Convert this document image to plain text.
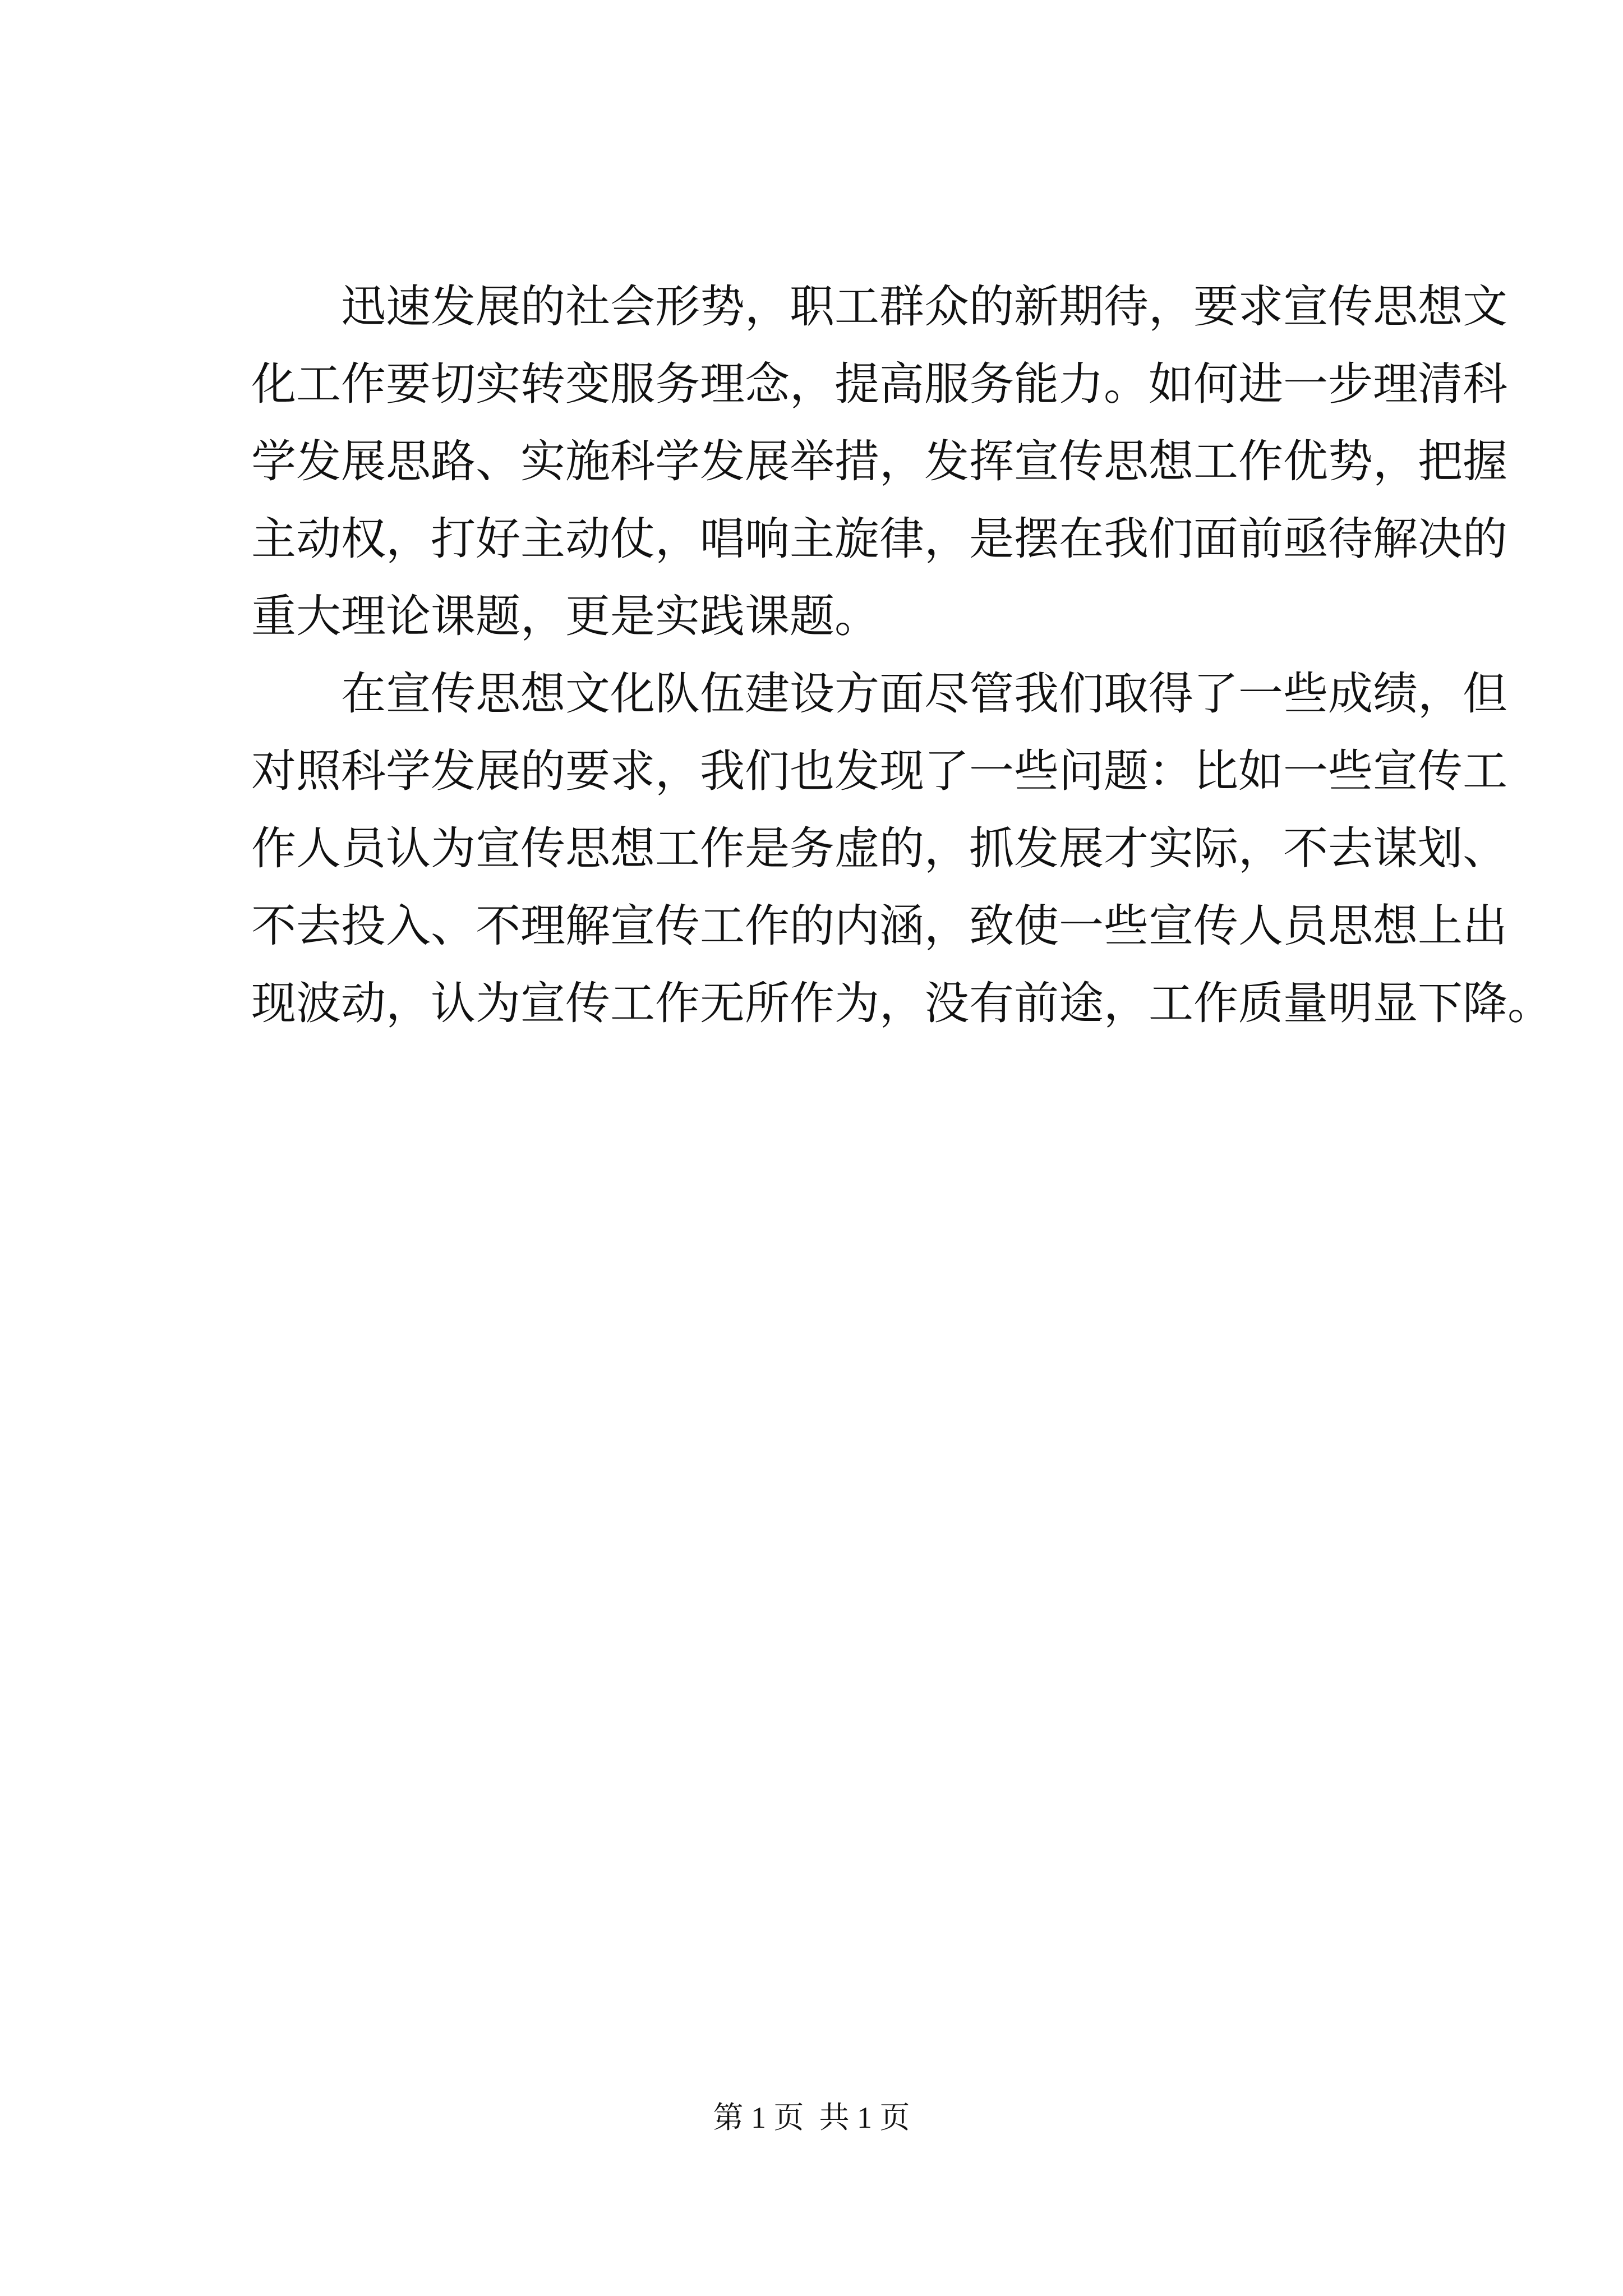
迅速发展的社会形势，职工群众的新期待，要求宣传思想文
化工作要切实转变服务理念，提高服务能力。如何进一步理清科
学发展思路、实施科学发展举措，发挥宣传思想工作优势，把握
主动权，打好主动仗，唱响主旋律，是摆在我们面前亟待解决的
重大理论课题，更是实践课题。
在宣传思想文化队伍建设方面尽管我们取得了一些成绩，但
对照科学发展的要求，我们也发现了一些问题：比如一些宣传工
作人员认为宣传思想工作是务虚的，抓发展才实际，不去谋划、
不去投入、不理解宣传工作的内涵，致使一些宣传人员思想上出
现波动，认为宣传工作无所作为，没有前途，工作质量明显下降。
第 1 页  共 1 页
